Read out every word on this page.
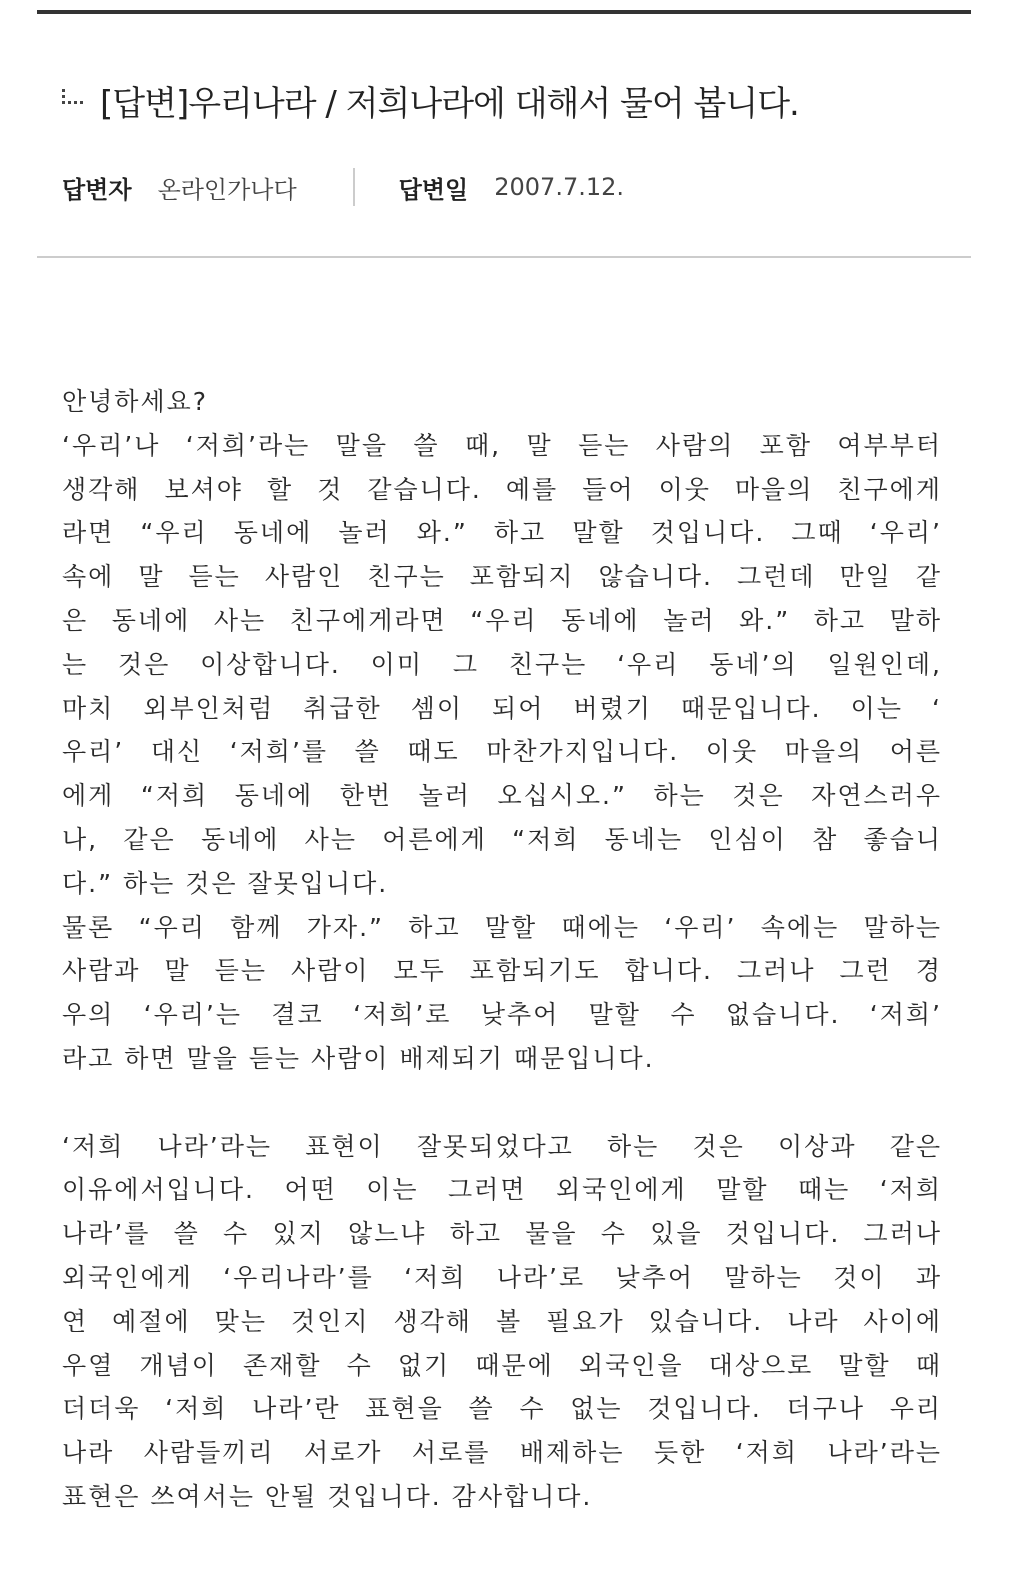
[답변]우리나라 / 저희나라에 대해서 물어 봅니다.
답변자 온라인가나다	답변일 2007.7.12.
안녕하세요?
‘우리’나 ‘저희’라는 말을 쓸 때, 말 듣는 사람의 포함 여부부터
생각해 보셔야 할 것 같습니다. 예를 들어 이웃 마을의 친구에게
라면 “우리 동네에 놀러 와.” 하고 말할 것입니다. 그때 ‘우리’
속에 말 듣는 사람인 친구는 포함되지 않습니다. 그런데 만일 같
은 동네에 사는 친구에게라면 “우리 동네에 놀러 와.” 하고 말하
는 것은 이상합니다. 이미 그 친구는 ‘우리 동네’의 일원인데,
마치 외부인처럼 취급한 셈이 되어 버렸기 때문입니다. 이는 ‘
우리’ 대신 ‘저희’를 쓸 때도 마찬가지입니다. 이웃 마을의 어른
에게 “저희 동네에 한번 놀러 오십시오.” 하는 것은 자연스러우
나, 같은 동네에 사는 어른에게 “저희 동네는 인심이 참 좋습니
다.” 하는 것은 잘못입니다.
물론 “우리 함께 가자.” 하고 말할 때에는 ‘우리’ 속에는 말하는
사람과 말 듣는 사람이 모두 포함되기도 합니다. 그러나 그런 경
우의 ‘우리’는 결코 ‘저희’로 낮추어 말할 수 없습니다. ‘저희’
라고 하면 말을 듣는 사람이 배제되기 때문입니다.
‘저희 나라’라는 표현이 잘못되었다고 하는 것은 이상과 같은
이유에서입니다. 어떤 이는 그러면 외국인에게 말할 때는 ‘저희
나라’를 쓸 수 있지 않느냐 하고 물을 수 있을 것입니다. 그러나
외국인에게 ‘우리나라’를 ‘저희 나라’로 낮추어 말하는 것이 과
연 예절에 맞는 것인지 생각해 볼 필요가 있습니다. 나라 사이에
우열 개념이 존재할 수 없기 때문에 외국인을 대상으로 말할 때
더더욱 ‘저희 나라’란 표현을 쓸 수 없는 것입니다. 더구나 우리
나라 사람들끼리 서로가 서로를 배제하는 듯한 ‘저희 나라’라는
표현은 쓰여서는 안될 것입니다. 감사합니다.
